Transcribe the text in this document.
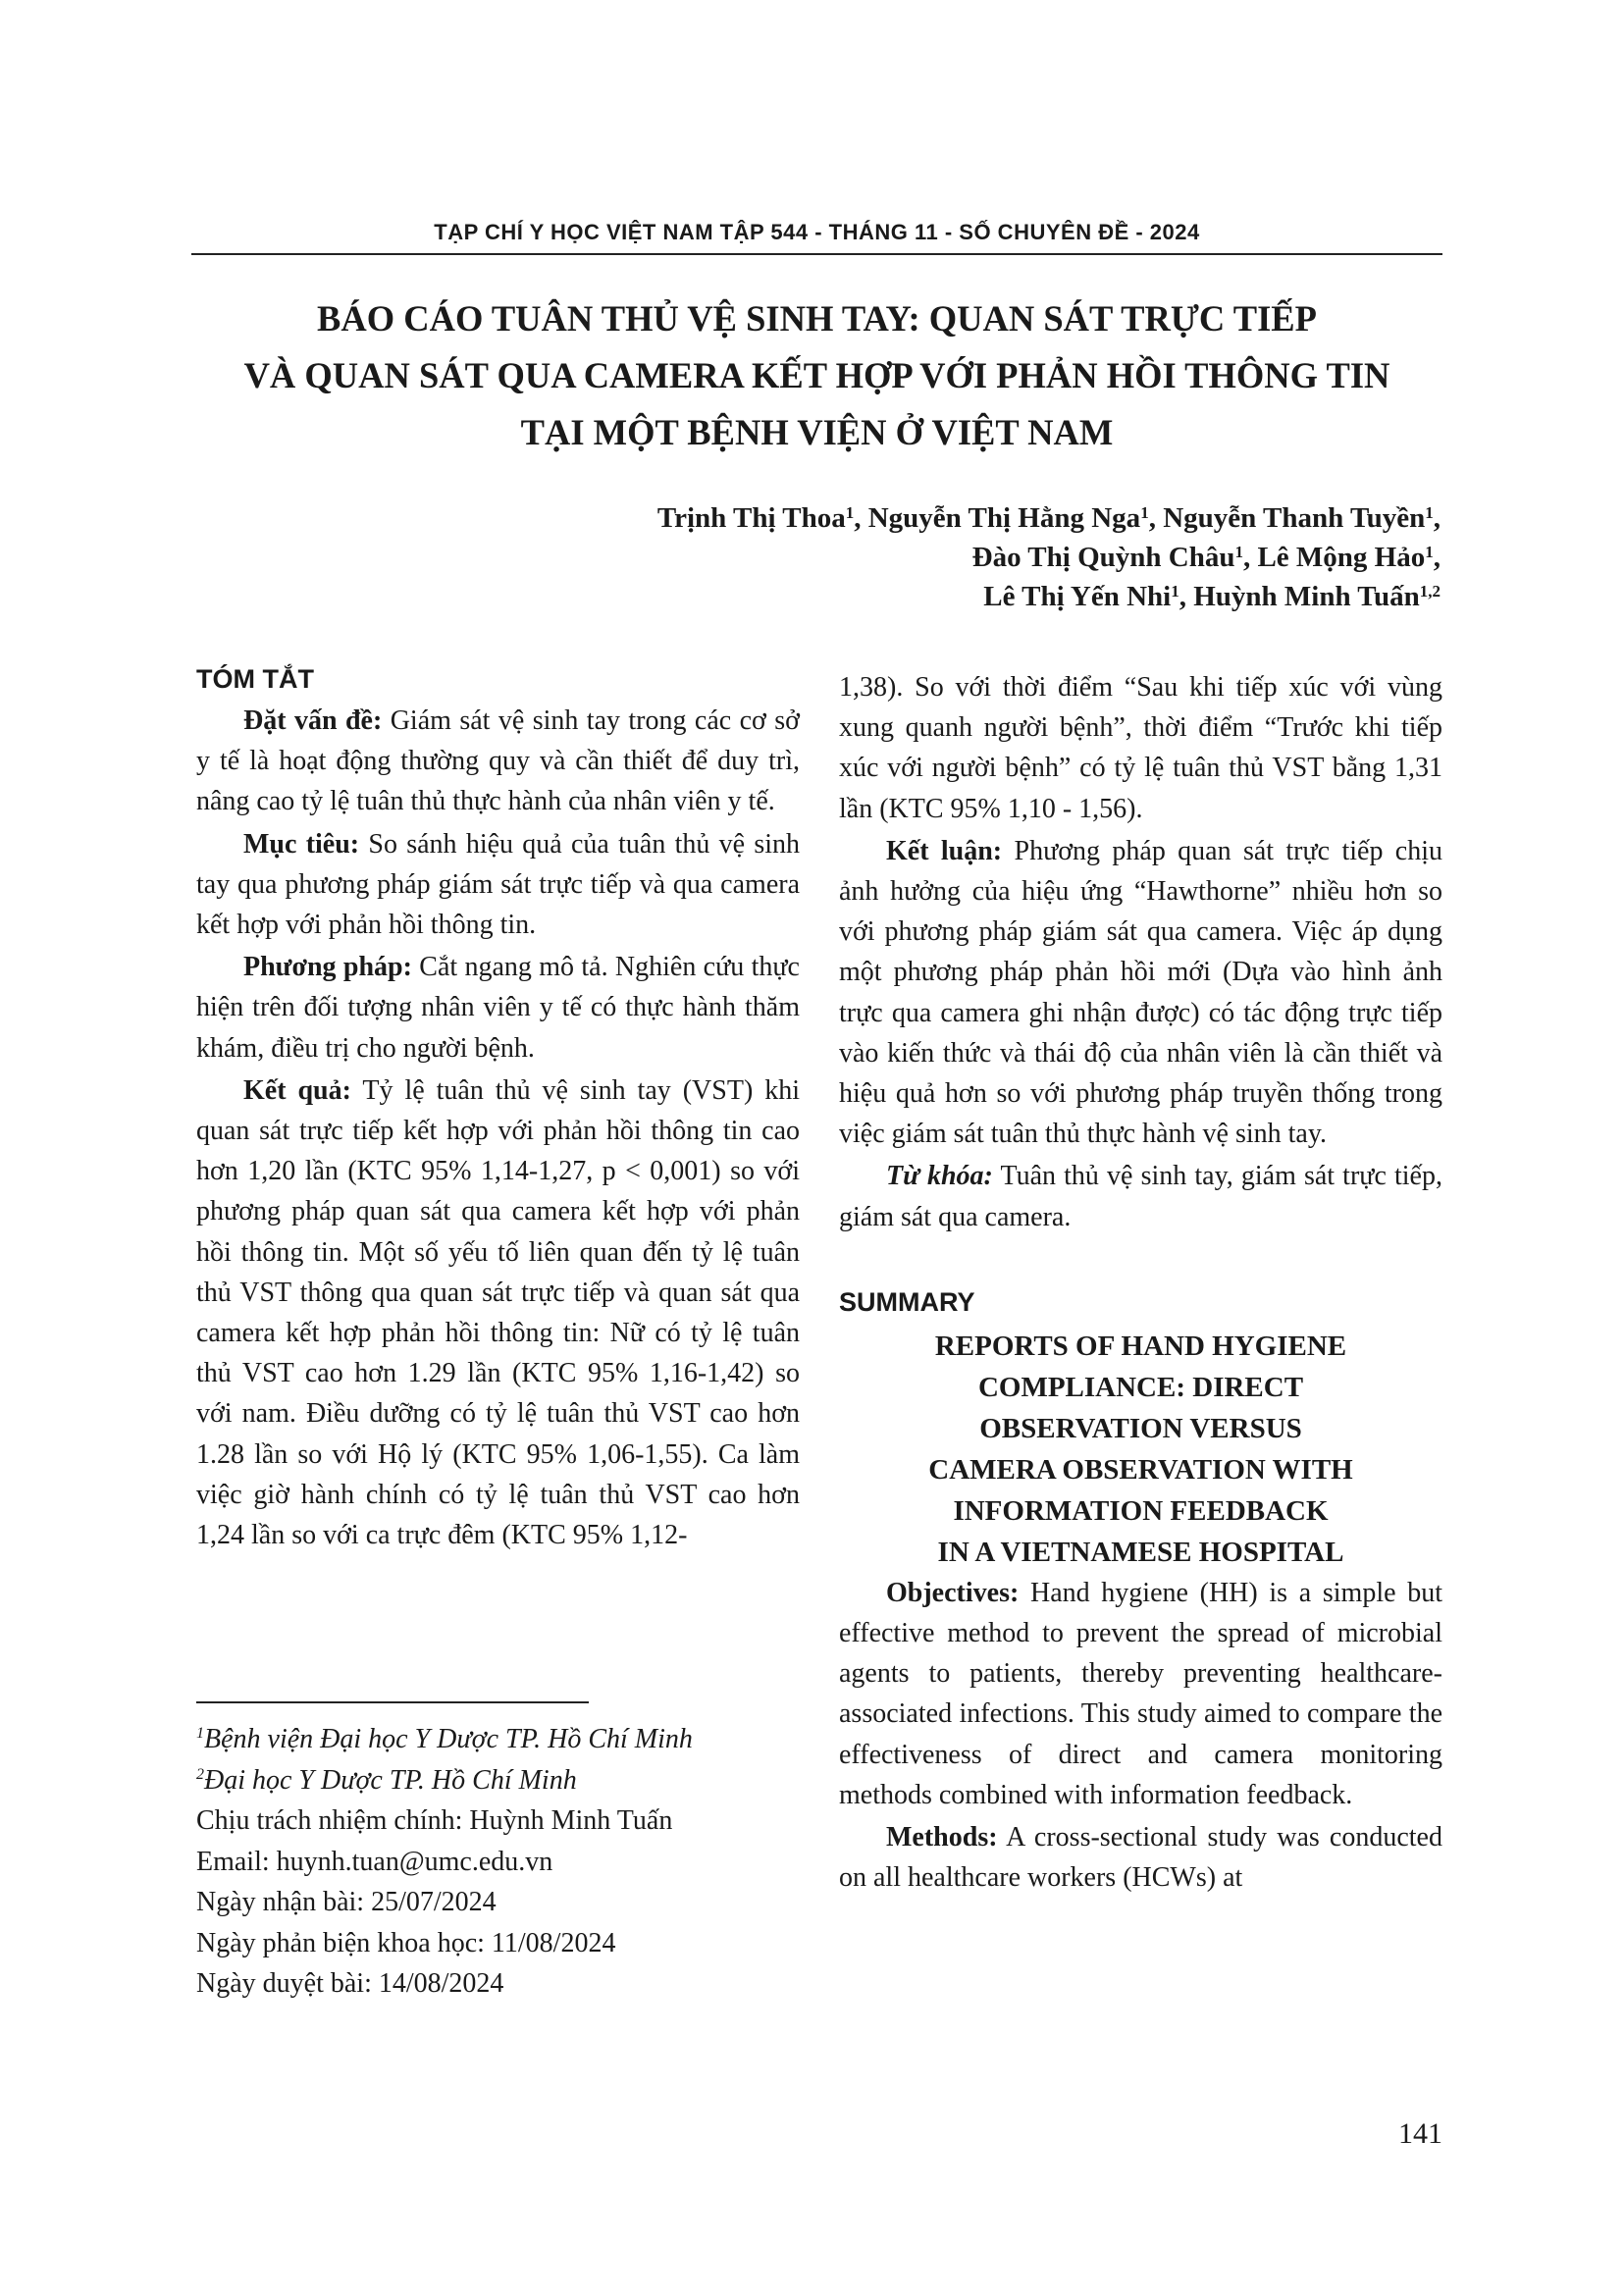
TẠP CHÍ Y HỌC VIỆT NAM TẬP 544 - THÁNG 11 - SỐ CHUYÊN ĐỀ - 2024
BÁO CÁO TUÂN THỦ VỆ SINH TAY: QUAN SÁT TRỰC TIẾP
VÀ QUAN SÁT QUA CAMERA KẾT HỢP VỚI PHẢN HỒI THÔNG TIN
TẠI MỘT BỆNH VIỆN Ở VIỆT NAM
Trịnh Thị Thoa$^1$, Nguyễn Thị Hằng Nga$^1$, Nguyễn Thanh Tuyền$^1$,
Đào Thị Quỳnh Châu$^1$, Lê Mộng Hảo$^1$,
Lê Thị Yến Nhi$^1$, Huỳnh Minh Tuấn$^{1,2}$
TÓM TẮT

Đặt vấn đề: Giám sát vệ sinh tay trong các cơ sở y tế là hoạt động thường quy và cần thiết để duy trì, nâng cao tỷ lệ tuân thủ thực hành của nhân viên y tế.

Mục tiêu: So sánh hiệu quả của tuân thủ vệ sinh tay qua phương pháp giám sát trực tiếp và qua camera kết hợp với phản hồi thông tin.

Phương pháp: Cắt ngang mô tả. Nghiên cứu thực hiện trên đối tượng nhân viên y tế có thực hành thăm khám, điều trị cho người bệnh.

Kết quả: Tỷ lệ tuân thủ vệ sinh tay (VST) khi quan sát trực tiếp kết hợp với phản hồi thông tin cao hơn 1,20 lần (KTC 95% 1,14-1,27, p < 0,001) so với phương pháp quan sát qua camera kết hợp với phản hồi thông tin. Một số yếu tố liên quan đến tỷ lệ tuân thủ VST thông qua quan sát trực tiếp và quan sát qua camera kết hợp phản hồi thông tin: Nữ có tỷ lệ tuân thủ VST cao hơn 1.29 lần (KTC 95% 1,16-1,42) so với nam. Điều dưỡng có tỷ lệ tuân thủ VST cao hơn 1.28 lần so với Hộ lý (KTC 95% 1,06-1,55). Ca làm việc giờ hành chính có tỷ lệ tuân thủ VST cao hơn 1,24 lần so với ca trực đêm (KTC 95% 1,12-

$^1$Bệnh viện Đại học Y Dược TP. Hồ Chí Minh
$^2$Đại học Y Dược TP. Hồ Chí Minh
Chịu trách nhiệm chính: Huỳnh Minh Tuấn
Email: huynh.tuan@umc.edu.vn
Ngày nhận bài: 25/07/2024
Ngày phản biện khoa học: 11/08/2024
Ngày duyệt bài: 14/08/2024

1,38). So với thời điểm “Sau khi tiếp xúc với vùng xung quanh người bệnh”, thời điểm “Trước khi tiếp xúc với người bệnh” có tỷ lệ tuân thủ VST bằng 1,31 lần (KTC 95% 1,10 - 1,56).

Kết luận: Phương pháp quan sát trực tiếp chịu ảnh hưởng của hiệu ứng “Hawthorne” nhiều hơn so với phương pháp giám sát qua camera. Việc áp dụng một phương pháp phản hồi mới (Dựa vào hình ảnh trực qua camera ghi nhận được) có tác động trực tiếp vào kiến thức và thái độ của nhân viên là cần thiết và hiệu quả hơn so với phương pháp truyền thống trong việc giám sát tuân thủ thực hành vệ sinh tay.

Từ khóa: Tuân thủ vệ sinh tay, giám sát trực tiếp, giám sát qua camera.

SUMMARY
REPORTS OF HAND HYGIENE
COMPLIANCE: DIRECT
OBSERVATION VERSUS
CAMERA OBSERVATION WITH
INFORMATION FEEDBACK
IN A VIETNAMESE HOSPITAL

Objectives: Hand hygiene (HH) is a simple but effective method to prevent the spread of microbial agents to patients, thereby preventing healthcare-associated infections. This study aimed to compare the effectiveness of direct and camera monitoring methods combined with information feedback.

Methods: A cross-sectional study was conducted on all healthcare workers (HCWs) at

141
